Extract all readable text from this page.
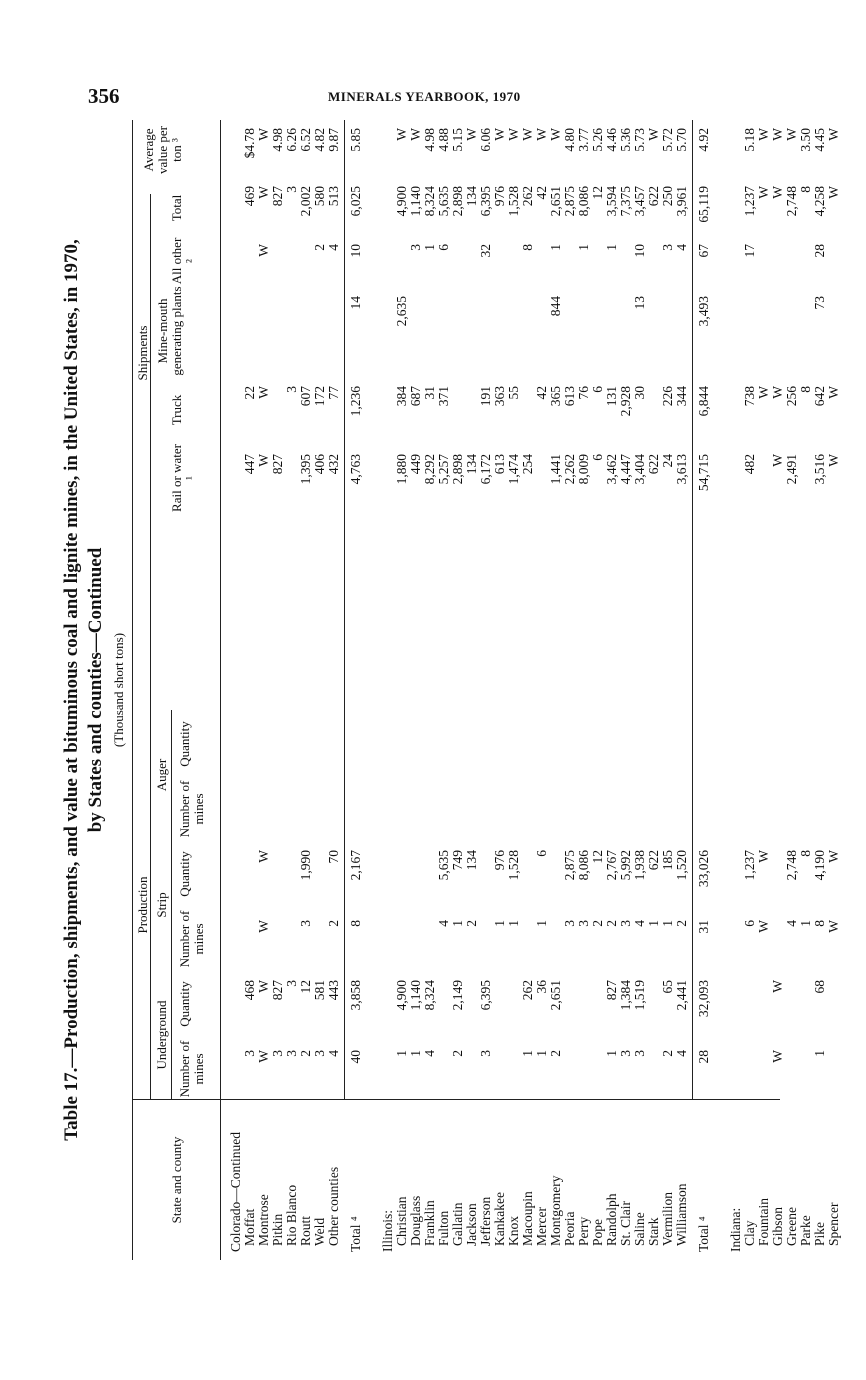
356	MINERALS YEARBOOK, 1970
Table 17.—Production, shipments, and value at bituminous coal and lignite mines, in the United States, in 1970, by States and counties—Continued (Thousand short tons)
State and county
Production
Shipments
Underground
Strip
Auger
Number of mines
Quantity
Number of mines
Quantity
Number of mines
Quantity
Rail or water ¹
Truck
Mine-mouth generating plants
All other ²
Total
Average value per ton ³
Colorado—Continued Moffat
3
468
447
22
469
$4.78
Montrose
W
W
W
W
W
W
W
W
W
Pitkin
3
827
827
827
4.98
Rio Blanco
3
3
3
3
6.26
Routt
2
12
3
1,990
1,395
607
2,002
6.52
Weld
3
581
406
172
2
580
4.82
Other counties
4
443
2
70
432
77
4
513
9.87
Total ⁴
40
3,858
8
2,167
4,763
1,236
14
10
6,025
5.85
Illinois: Christian
1
4,900
1,880
384
2,635
4,900
W
Douglass
1
1,140
449
687
3
1,140
W
Franklin
4
8,324
8,292
31
1
8,324
4.98
Fulton
4
5,635
5,257
371
6
5,635
4.88
Gallatin
2
2,149
1
749
2,898
2,898
5.15
Jackson
2
134
134
134
W
Jefferson
3
6,395
6,172
191
32
6,395
6.06
Kankakee
1
976
613
363
976
W
Knox
1
1,528
1,474
55
1,528
W
Macoupin
1
262
254
8
262
W
Mercer
1
36
1
6
42
42
W
Montgomery
2
2,651
1,441
365
844
1
2,651
W
Peoria
3
2,875
2,262
613
2,875
4.80
Perry
3
8,086
8,009
76
1
8,086
3.77
Pope
2
12
6
6
12
5.26
Randolph
1
827
2
2,767
3,462
131
1
3,594
4.46
St. Clair
3
1,384
3
5,992
4,447
2,928
7,375
5.36
Saline
3
1,519
4
1,938
3,404
30
13
10
3,457
5.73
Stark
1
622
622
622
W
Vermilion
2
65
1
185
24
226
3
250
5.72
Williamson
4
2,441
2
1,520
3,613
344
4
3,961
5.70
Total ⁴
28
32,093
31
33,026
54,715
6,844
3,493
67
65,119
4.92
Indiana: Clay
6
1,237
482
738
17
1,237
5.18
Fountain
W
W
W
W
W
Gibson
W
W
W
W
W
W
Greene
4
2,748
2,491
256
2,748
W
Parke
1
8
8
8
3.50
Pike
1
68
8
4,190
3,516
642
73
28
4,258
4.45
Spencer
W
W
W
W
W
W
